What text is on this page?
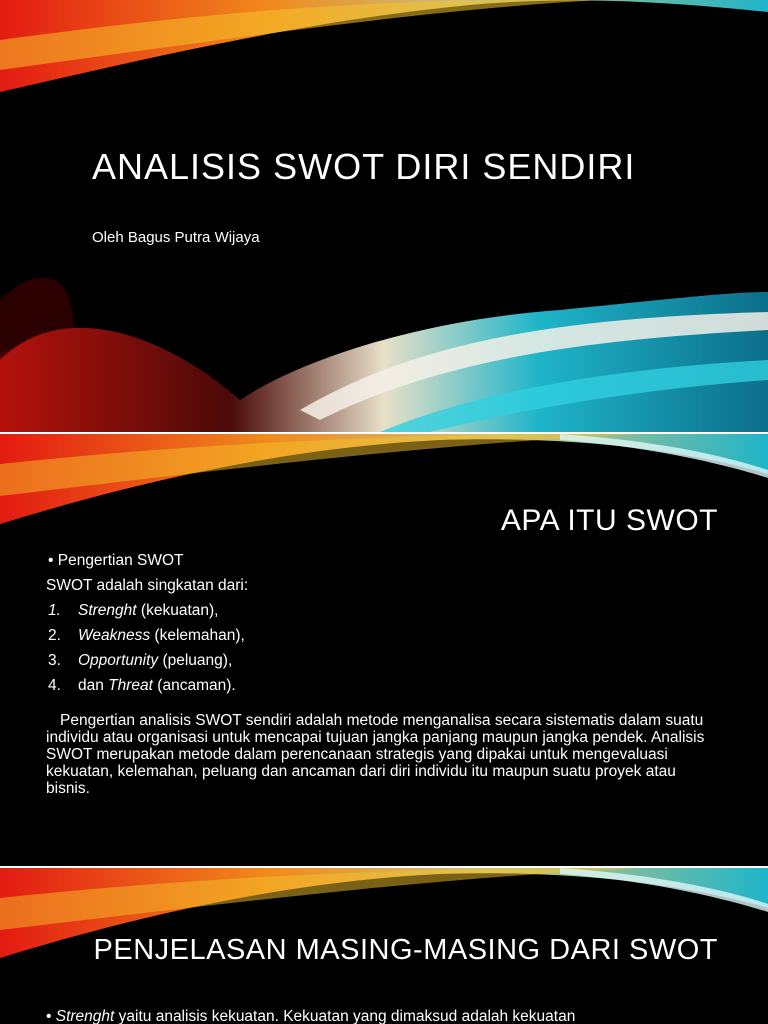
ANALISIS SWOT DIRI SENDIRI

Oleh Bagus Putra Wijaya

APA ITU SWOT
• Pengertian SWOT
SWOT adalah singkatan dari:
1. Strenght (kekuatan),
2. Weakness (kelemahan),
3. Opportunity (peluang),
4. dan Threat (ancaman).

Pengertian analisis SWOT sendiri adalah metode menganalisa secara sistematis dalam suatu individu atau organisasi untuk mencapai tujuan jangka panjang maupun jangka pendek. Analisis SWOT merupakan metode dalam perencanaan strategis yang dipakai untuk mengevaluasi kekuatan, kelemahan, peluang dan ancaman dari diri individu itu maupun suatu proyek atau bisnis.

PENJELASAN MASING-MASING DARI SWOT
• Strenght yaitu analisis kekuatan. Kekuatan yang dimaksud adalah kekuatan
